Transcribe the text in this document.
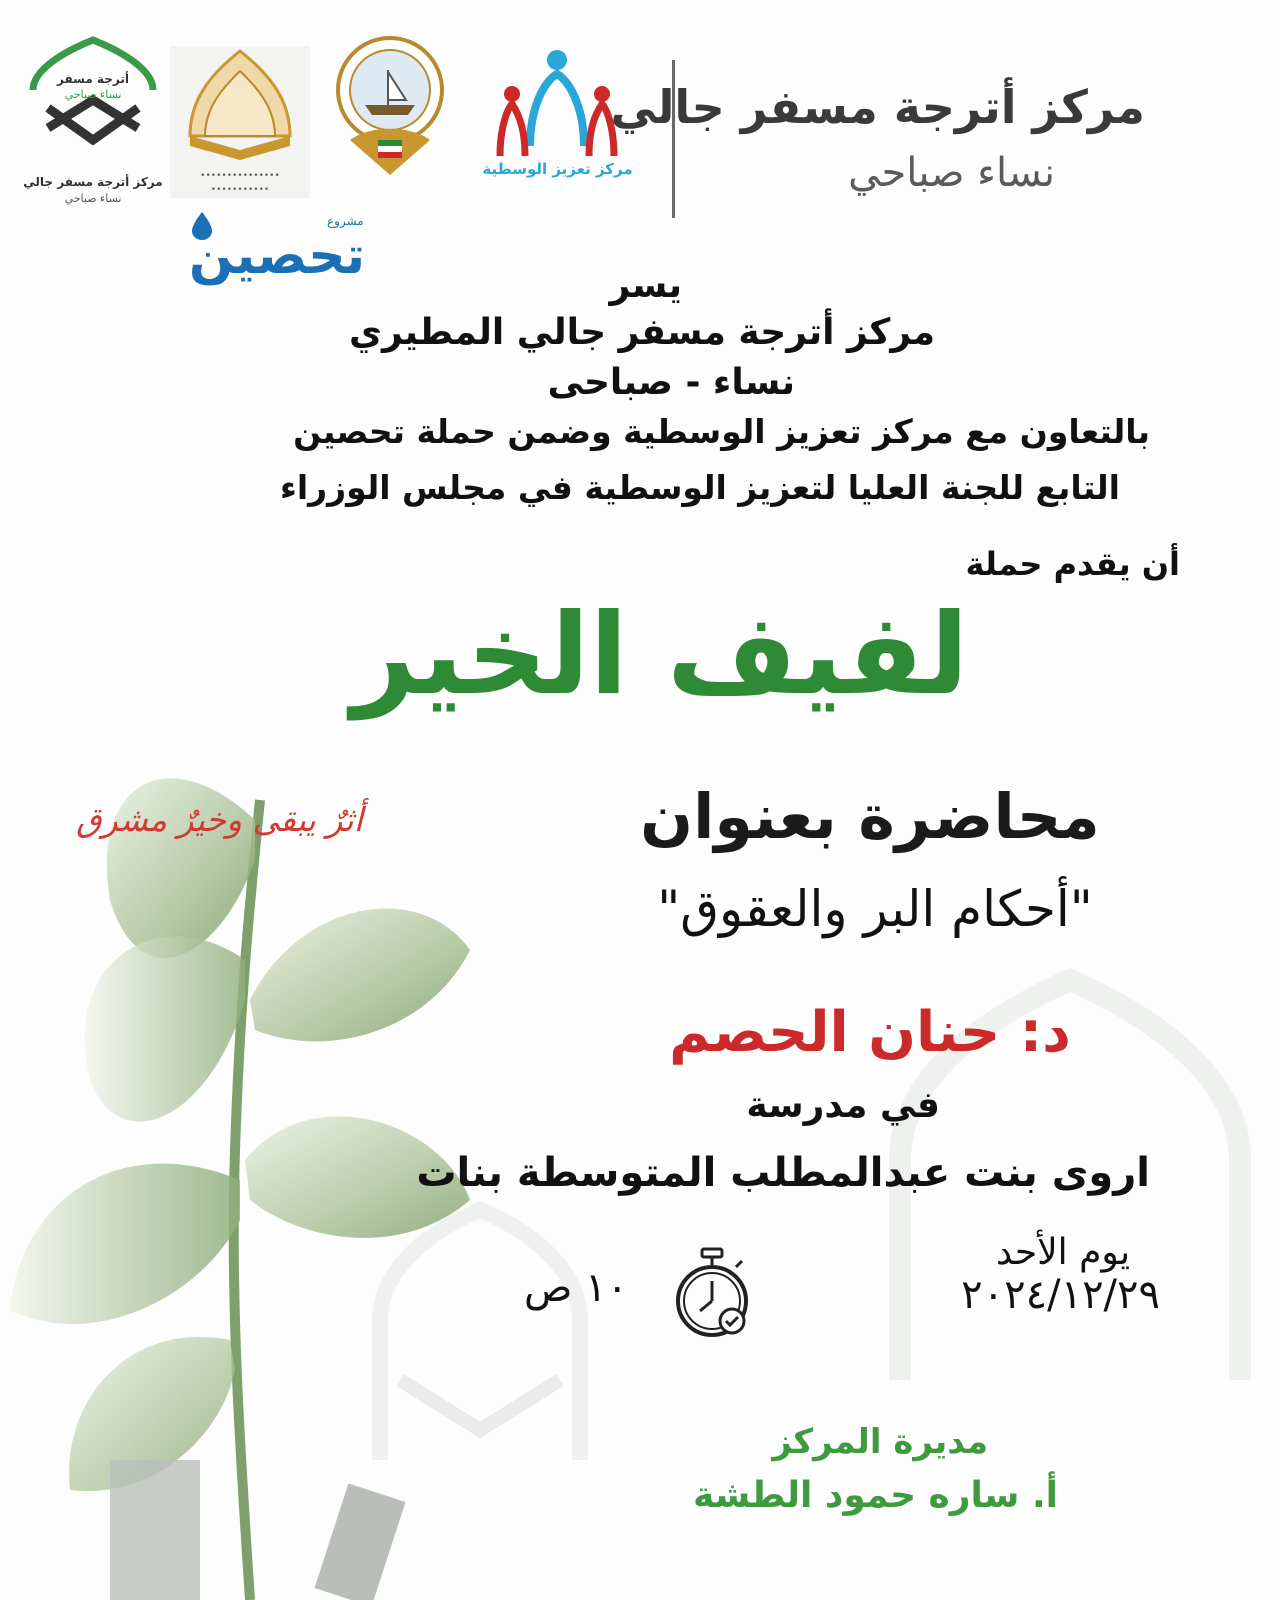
أترجة مسفر
نساء صباحي
مركز أترجة مسفر جالي
نساء صباحي
•••••••••••••••
•••••••••••
مركز تعزيز الوسطية
مركز أترجة مسفر جالي
نساء صباحي
مشروع
تحصين	يسر
مركز أترجة مسفر جالي المطيري
نساء - صباحى
بالتعاون مع مركز تعزيز الوسطية وضمن حملة تحصين
التابع للجنة العليا لتعزيز الوسطية في مجلس الوزراء
أن يقدم حملة
لفيف الخير
أثرٌ يبقى وخيرٌ مشرق	محاضرة بعنوان
"أحكام البر والعقوق"
د: حنان الحصم
في مدرسة
اروى بنت عبدالمطلب المتوسطة بنات
يوم الأحد
٢٠٢٤/١٢/٢٩
١٠ ص
مديرة المركز
أ. ساره حمود الطشة
